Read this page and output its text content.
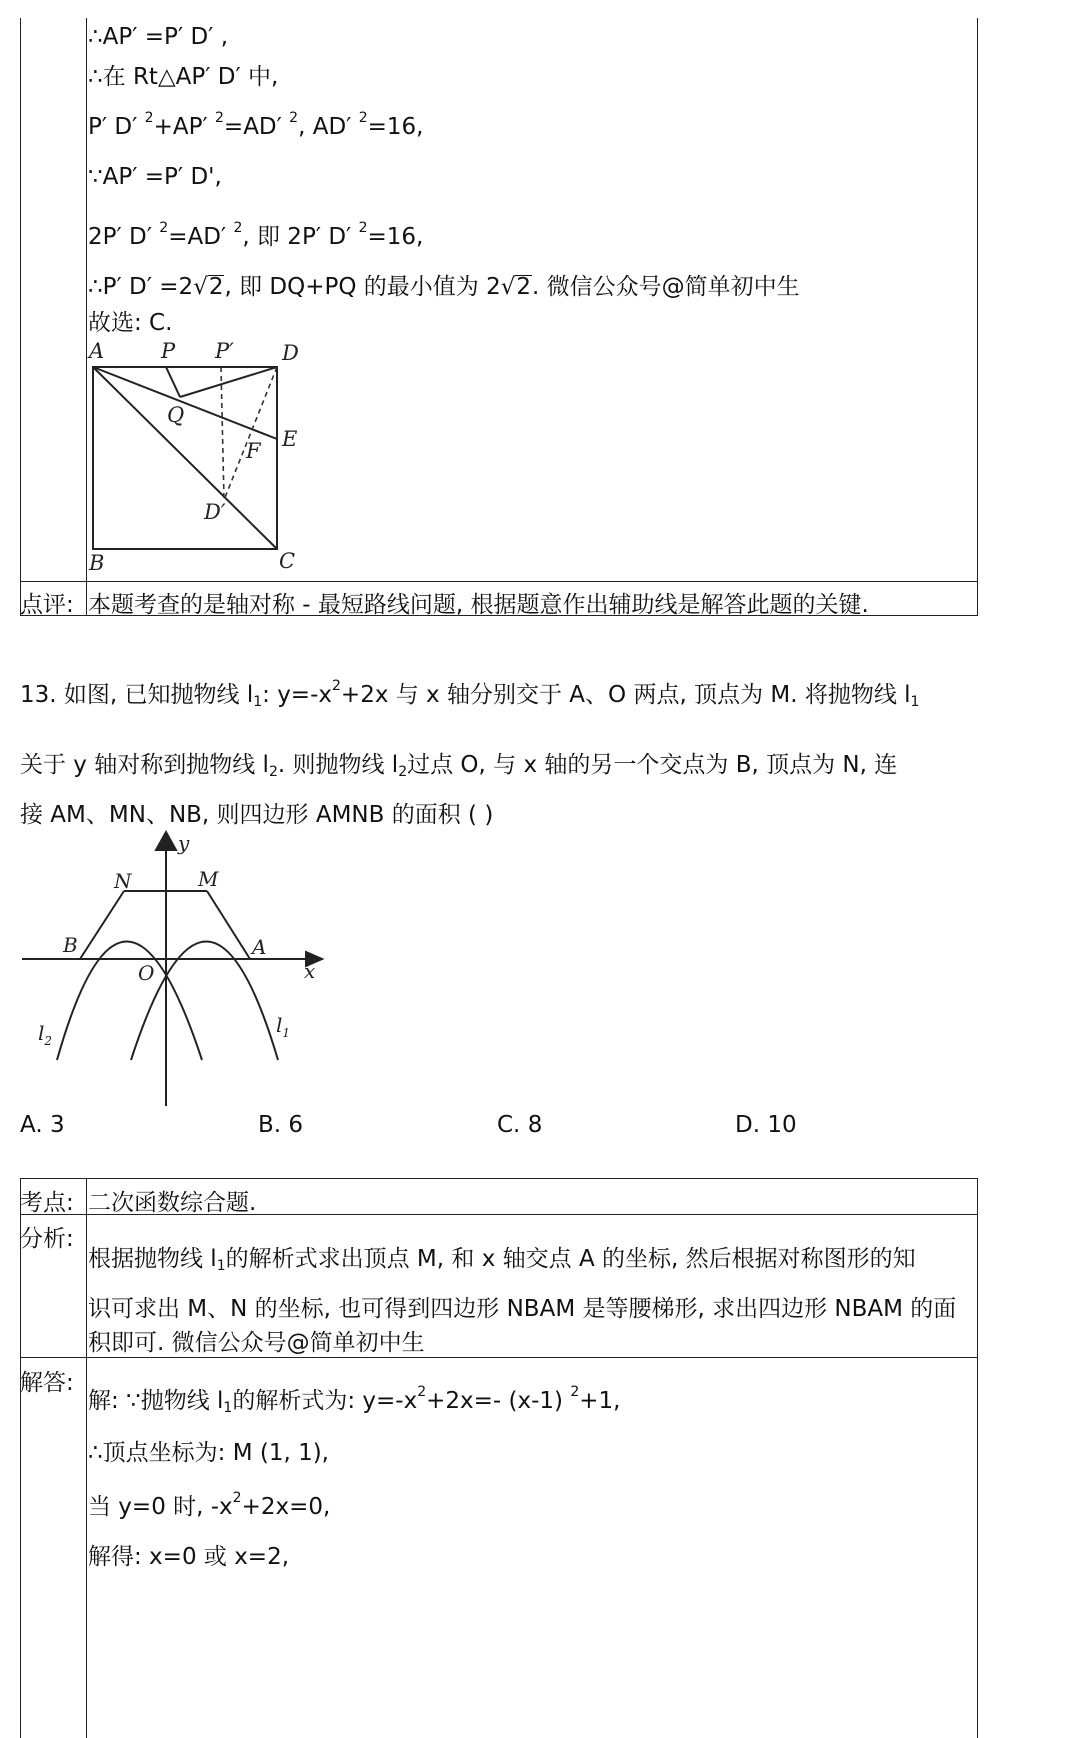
∴AP′ =P′ D′ ,
∴在 Rt△AP′ D′ 中,
P′ D′ $^2$+AP′ $^2$=AD′ $^2$, AD′ $^2$=16,
∵AP′ =P′ D',
2P′ D′ $^2$=AD′ $^2$, 即 2P′ D′ $^2$=16,
∴P′ D′ =2√2, 即 DQ+PQ 的最小值为 2√2. 微信公众号@简单初中生
故选: C.
A	P P′ D
Q
E
F
D′
B	C
点评: 本题考查的是轴对称 - 最短路线问题, 根据题意作出辅助线是解答此题的关键.
13. 如图, 已知抛物线 $l_1$: $y=-x^2+2x$ 与 x 轴分别交于 A、O 两点, 顶点为 M. 将抛物线 $l_1$
关于 y 轴对称到抛物线 $l_2$. 则抛物线 $l_2$过点 O, 与 x 轴的另一个交点为 B, 顶点为 N, 连
接 AM、MN、NB, 则四边形 AMNB 的面积 ( )
y
x
N	M
B	A
O
$l_2$
$l_1$
A. 3	B. 6	C. 8	D. 10
考点: 二次函数综合题.
分析:
根据抛物线 $l_1$的解析式求出顶点 M, 和 x 轴交点 A 的坐标, 然后根据对称图形的知
识可求出 M、N 的坐标, 也可得到四边形 NBAM 是等腰梯形, 求出四边形 NBAM 的面
积即可. 微信公众号@简单初中生
解答:
解: ∵抛物线 $l_1$的解析式为: $y=-x^2+2x=-$ (x-1) $^2$+1,
∴顶点坐标为: M (1, 1),
当 y=0 时, $-x^2+2x=0$,
解得: x=0 或 x=2,
